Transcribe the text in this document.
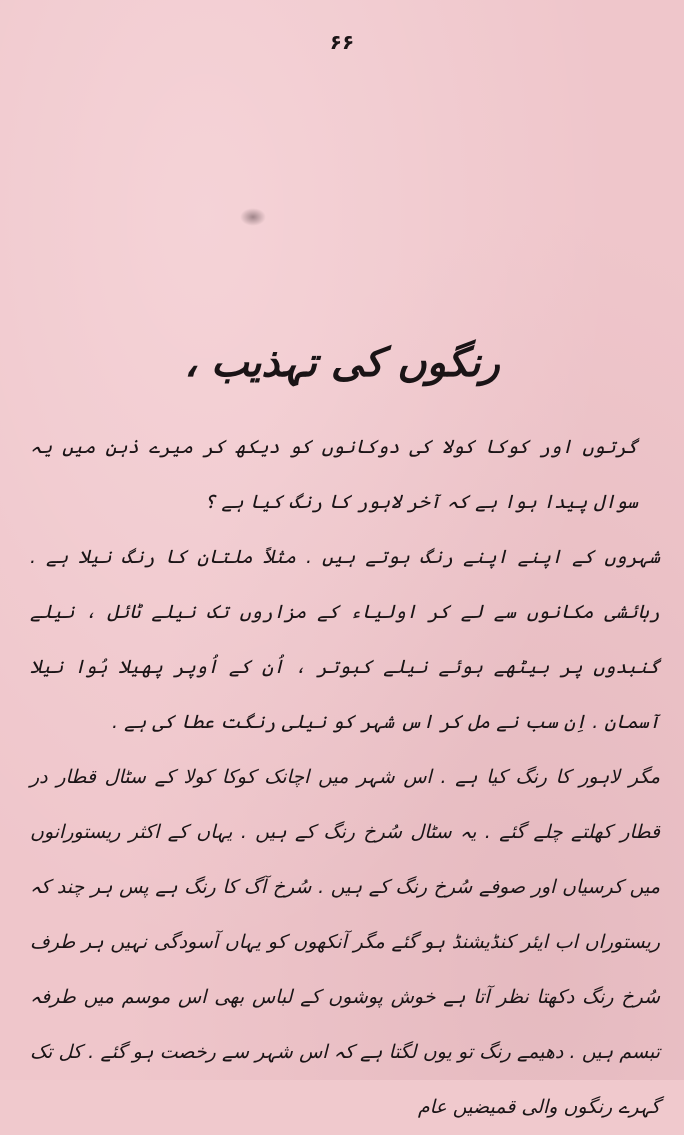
۶۶
رنگوں کی تہذیب ،

گرتوں اور کوکا کولا کی دوکانوں کو دیکھ کر میرے ذہن میں یہ سوال پیدا ہوا ہے کہ آخر لاہور کا رنگ کیا ہے ؟

شہروں کے اپنے اپنے رنگ ہوتے ہیں . مثلاً ملتان کا رنگ نیلا ہے . رہائشی مکانوں سے لے کر اولیاء کے مزاروں تک نیلے ٹائل ، نیلے گنبدوں پر بیٹھے ہوئے نیلے کبوتر ، اُن کے اُوپر پھیلا ہُوا نیلا آسمان . اِن سب نے مل کر اس شہر کو نیلی رنگت عطا کی ہے .

مگر لاہور کا رنگ کیا ہے . اس شہر میں اچانک کوکا کولا کے سٹال قطار در قطار کھلتے چلے گئے . یہ سٹال سُرخ رنگ کے ہیں . یہاں کے اکثر ریستورانوں میں کرسیاں اور صوفے سُرخ رنگ کے ہیں . سُرخ آگ کا رنگ ہے پس ہر چند کہ ریستوراں اب ایئر کنڈیشنڈ ہو گئے مگر آنکھوں کو یہاں آسودگی نہیں ہر طرف سُرخ رنگ دکھتا نظر آتا ہے خوش پوشوں کے لباس بھی اس موسم میں طرفہ تبسم ہیں . دھیمے رنگ تو یوں لگتا ہے کہ اس شہر سے رخصت ہو گئے . کل تک گہرے رنگوں والی قمیضیں عام
